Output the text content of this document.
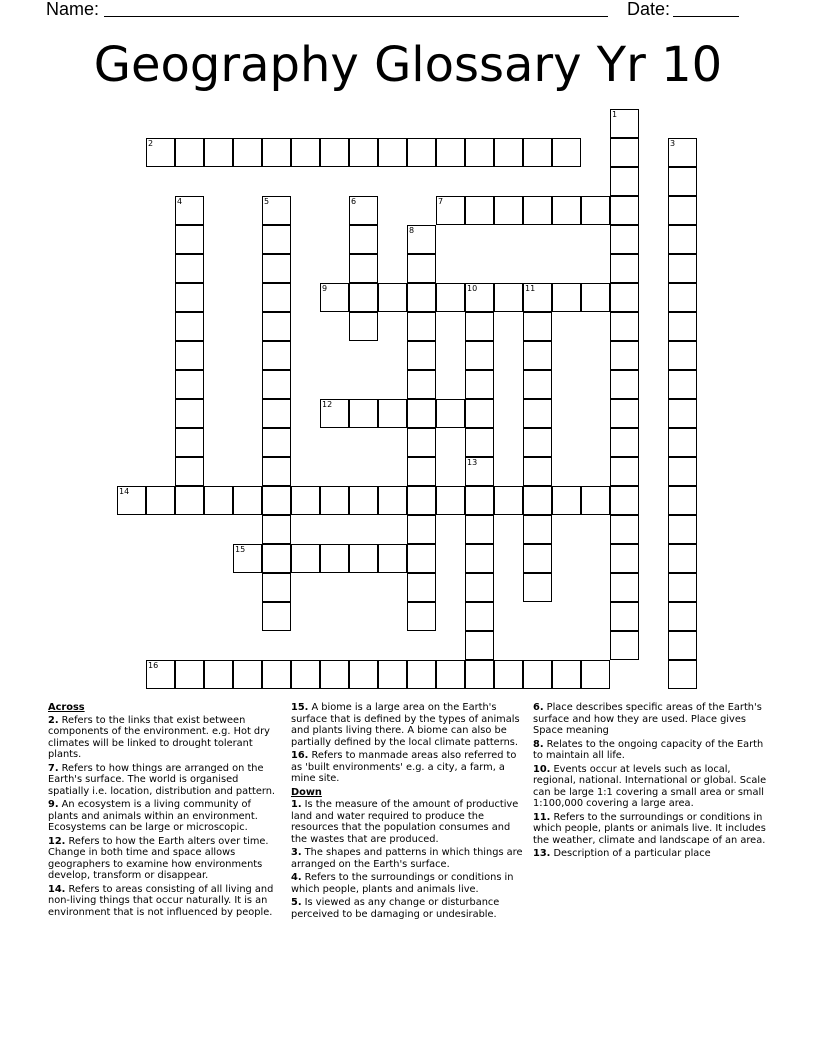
Name:	Date:
Geography Glossary Yr 10
1
2	3
4	5	6	7
8
9	10	11
12
13
14
15
16
Across
2. Refers to the links that exist between components of the environment. e.g. Hot dry climates will be linked to drought tolerant plants.
7. Refers to how things are arranged on the Earth's surface. The world is organised spatially i.e. location, distribution and pattern.
9. An ecosystem is a living community of plants and animals within an environment. Ecosystems can be large or microscopic.
12. Refers to how the Earth alters over time. Change in both time and space allows geographers to examine how environments develop, transform or disappear.
14. Refers to areas consisting of all living and non-living things that occur naturally. It is an environment that is not influenced by people.
15. A biome is a large area on the Earth's surface that is defined by the types of animals and plants living there. A biome can also be partially defined by the local climate patterns.
16. Refers to manmade areas also referred to as 'built environments' e.g. a city, a farm, a mine site.
Down
1. Is the measure of the amount of productive land and water required to produce the resources that the population consumes and the wastes that are produced.
3. The shapes and patterns in which things are arranged on the Earth's surface.
4. Refers to the surroundings or conditions in which people, plants and animals live.
5. Is viewed as any change or disturbance perceived to be damaging or undesirable.
6. Place describes specific areas of the Earth's surface and how they are used. Place gives Space meaning
8. Relates to the ongoing capacity of the Earth to maintain all life.
10. Events occur at levels such as local, regional, national. International or global. Scale can be large 1:1 covering a small area or small 1:100,000 covering a large area.
11. Refers to the surroundings or conditions in which people, plants or animals live. It includes the weather, climate and landscape of an area.
13. Description of a particular place
